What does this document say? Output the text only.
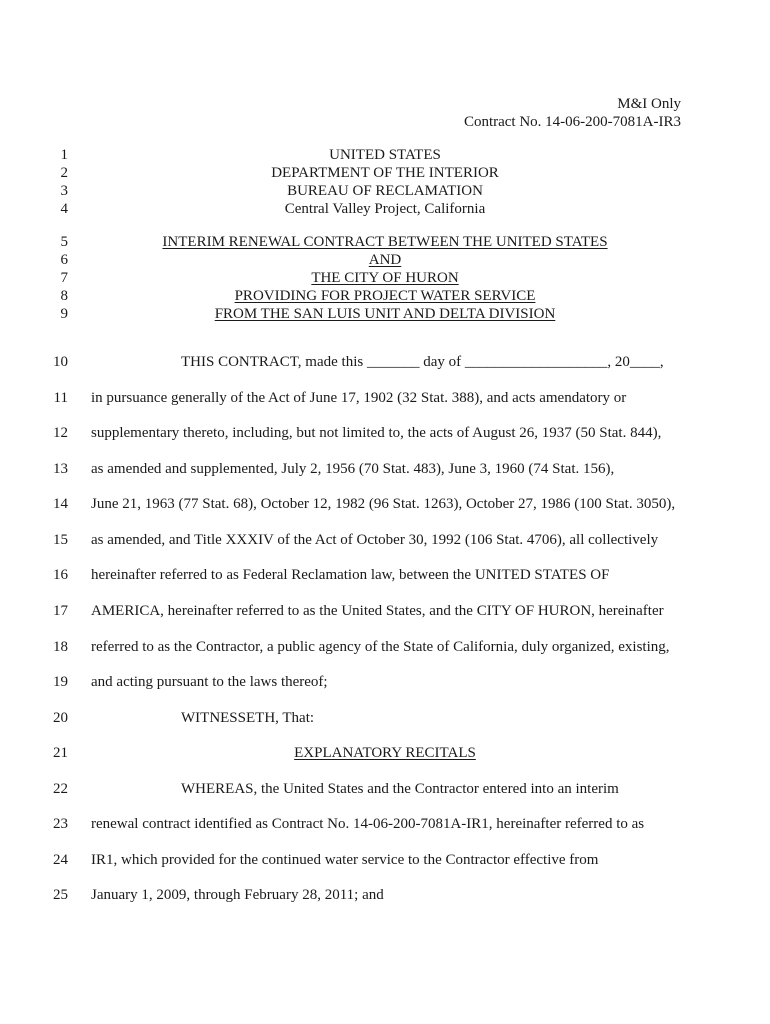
M&I Only
Contract No. 14-06-200-7081A-IR3
1
2
3
4
5
6
7
8
9
10
11
12
13
14
15
16
17
18
19
20
21
22
23
24
25
UNITED STATES
DEPARTMENT OF THE INTERIOR
BUREAU OF RECLAMATION
Central Valley Project, California
INTERIM RENEWAL CONTRACT BETWEEN THE UNITED STATES
AND
THE CITY OF HURON
PROVIDING FOR PROJECT WATER SERVICE
FROM THE SAN LUIS UNIT AND DELTA DIVISION
THIS CONTRACT, made this _______ day of ___________________, 20____,
in pursuance generally of the Act of June 17, 1902 (32 Stat. 388), and acts amendatory or
supplementary thereto, including, but not limited to, the acts of August 26, 1937 (50 Stat. 844),
as amended and supplemented, July 2, 1956 (70 Stat. 483), June 3, 1960 (74 Stat. 156),
June 21, 1963 (77 Stat. 68), October 12, 1982 (96 Stat. 1263), October 27, 1986 (100 Stat. 3050),
as amended, and Title XXXIV of the Act of October 30, 1992 (106 Stat. 4706), all collectively
hereinafter referred to as Federal Reclamation law, between the UNITED STATES OF
AMERICA, hereinafter referred to as the United States, and the CITY OF HURON, hereinafter
referred to as the Contractor, a public agency of the State of California, duly organized, existing,
and acting pursuant to the laws thereof;
WITNESSETH, That:
EXPLANATORY RECITALS
WHEREAS, the United States and the Contractor entered into an interim
renewal contract identified as Contract No. 14-06-200-7081A-IR1, hereinafter referred to as
IR1, which provided for the continued water service to the Contractor effective from
January 1, 2009, through February 28, 2011; and
